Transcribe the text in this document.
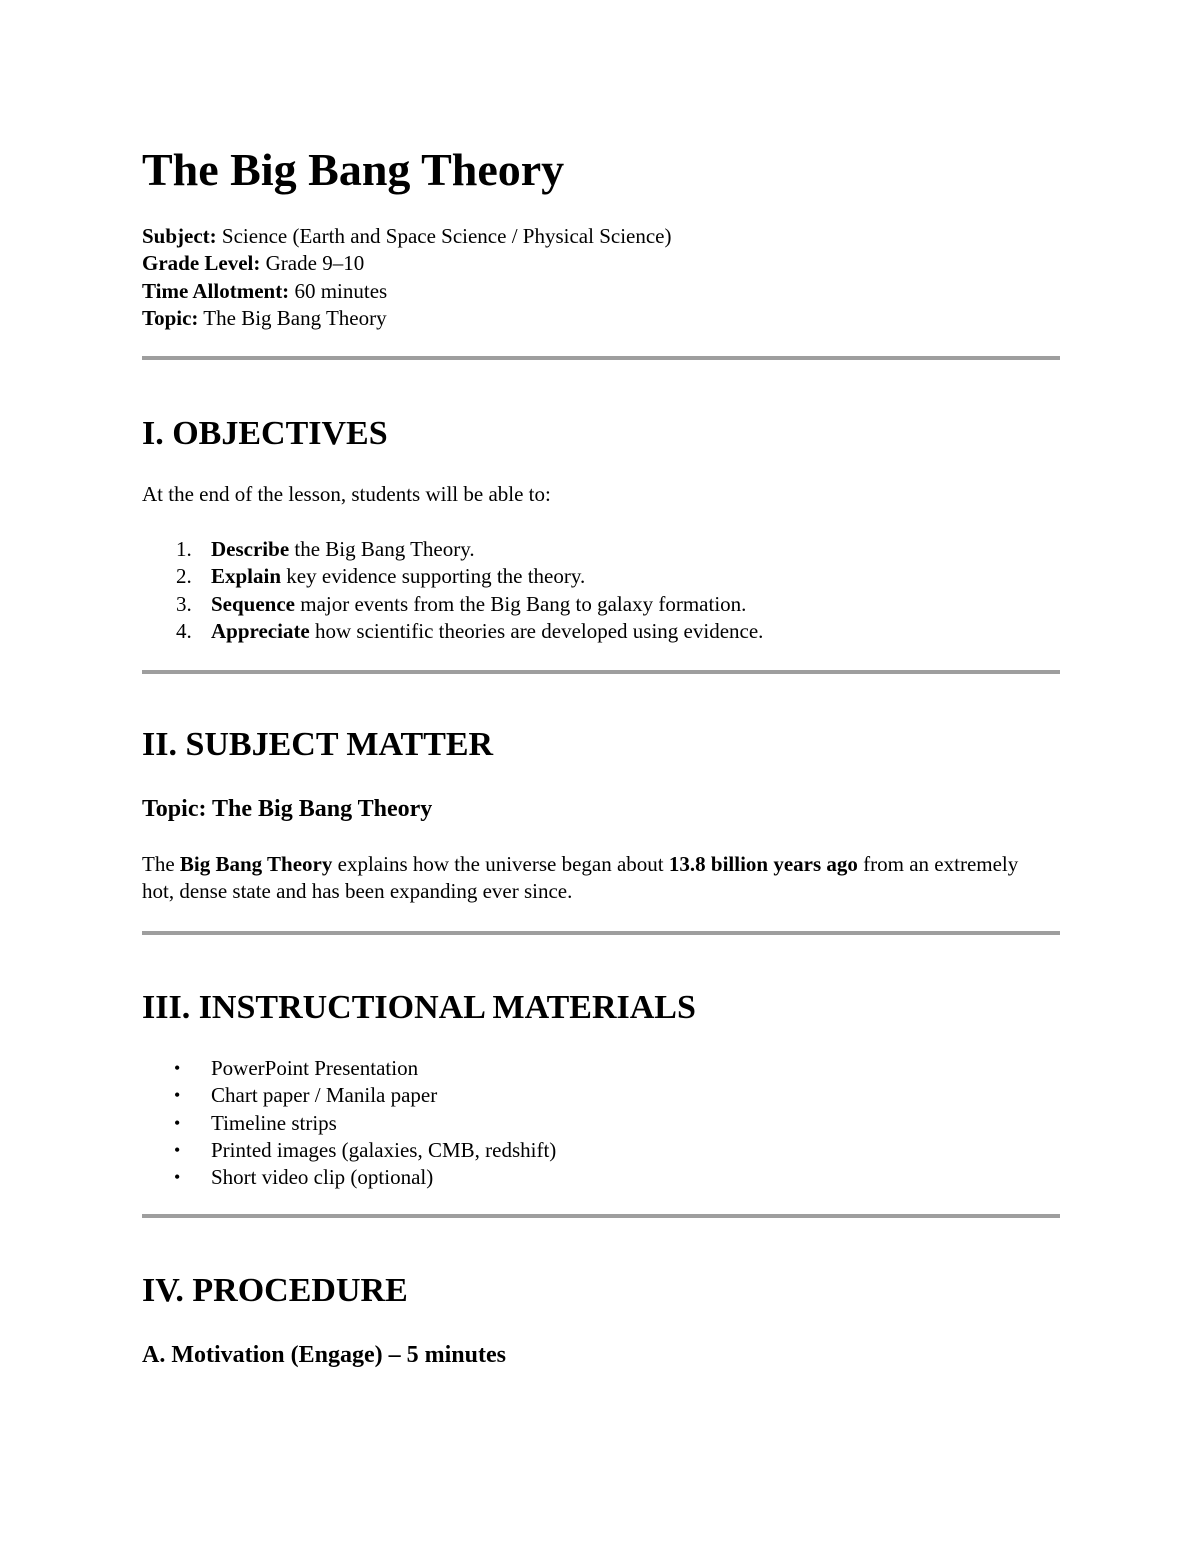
The Big Bang Theory
Subject: Science (Earth and Space Science / Physical Science)
Grade Level: Grade 9–10
Time Allotment: 60 minutes
Topic: The Big Bang Theory
I. OBJECTIVES

At the end of the lesson, students will be able to:

1. Describe the Big Bang Theory.
2. Explain key evidence supporting the theory.
3. Sequence major events from the Big Bang to galaxy formation.
4. Appreciate how scientific theories are developed using evidence.
II. SUBJECT MATTER
Topic: The Big Bang Theory

The Big Bang Theory explains how the universe began about 13.8 billion years ago from an extremely hot, dense state and has been expanding ever since.

III. INSTRUCTIONAL MATERIALS
• PowerPoint Presentation
• Chart paper / Manila paper
• Timeline strips
• Printed images (galaxies, CMB, redshift)
• Short video clip (optional)
IV. PROCEDURE
A. Motivation (Engage) – 5 minutes
